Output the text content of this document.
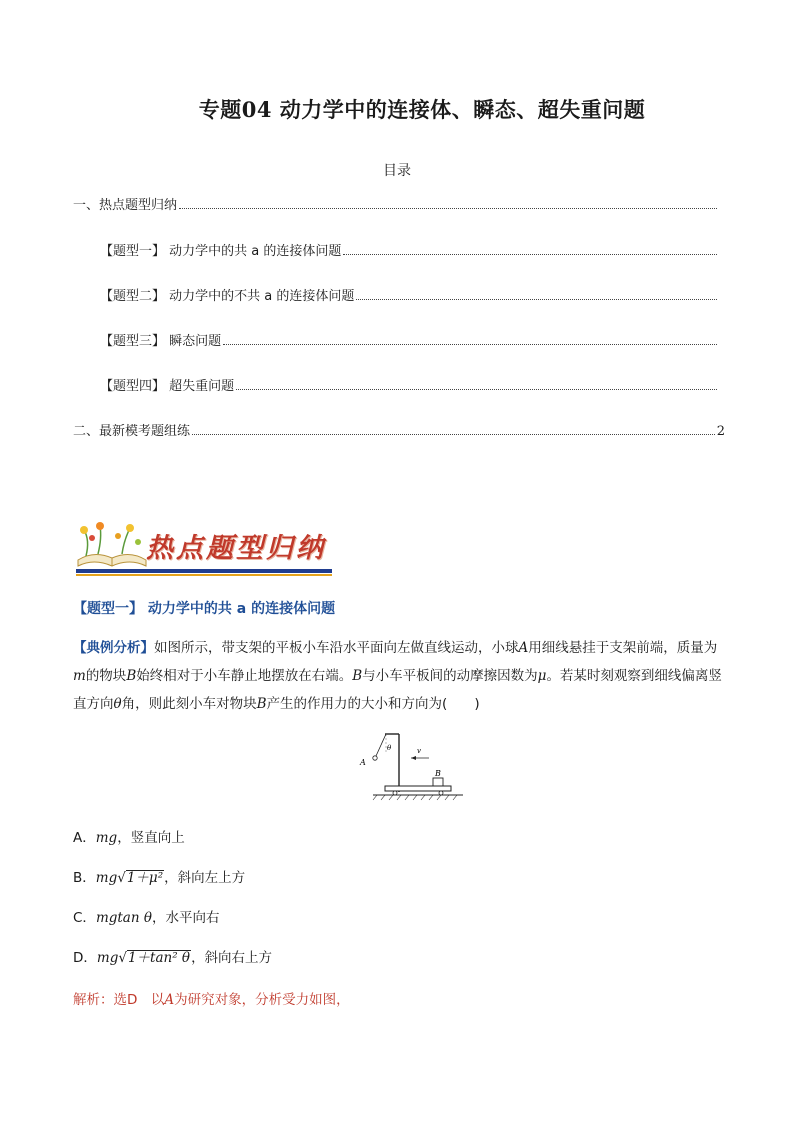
专题04 动力学中的连接体、瞬态、超失重问题
目录
一、热点题型归纳
【题型一】 动力学中的共 a 的连接体问题
【题型二】 动力学中的不共 a 的连接体问题
【题型三】 瞬态问题
【题型四】 超失重问题
二、最新模考题组练	2
热点题型归纳
【题型一】 动力学中的共 a 的连接体问题
【典例分析】如图所示，带支架的平板小车沿水平面向左做直线运动，小球A用细线悬挂于支架前端，质量为m的物块B始终相对于小车静止地摆放在右端。B与小车平板间的动摩擦因数为μ。若某时刻观察到细线偏离竖直方向θ角，则此刻小车对物块B产生的作用力的大小和方向为(　　)
A
θ	v
B
A．mg，竖直向上
B．mg√1＋μ²，斜向左上方
C．mgtan θ，水平向右
D．mg√1＋tan² θ，斜向右上方
解析：选D　以A为研究对象，分析受力如图，
